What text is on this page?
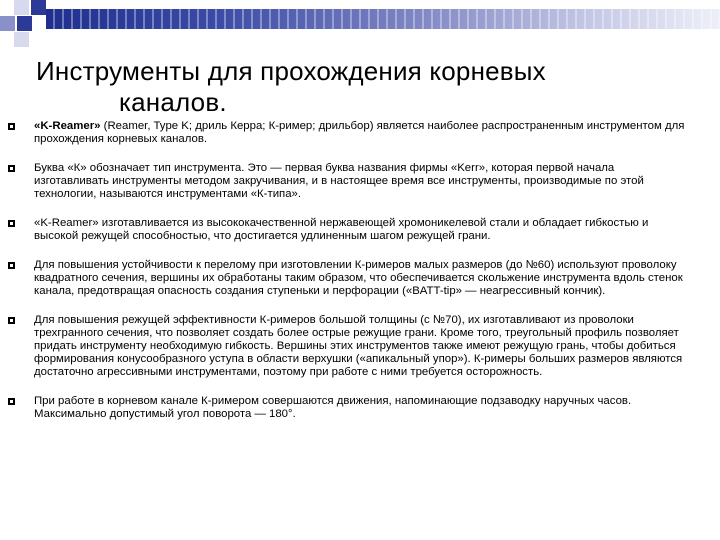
Инструменты для прохождения корневых
каналов.
«K-Reamer» (Reamer, Type K; дриль Керра; К-ример; дрильбор) является наиболее распространенным инструментом для прохождения корневых каналов.
Буква «К» обозначает тип инструмента. Это — первая буква названия фирмы «Kerr», которая первой начала изготавливать инструменты методом закручивания, и в настоящее время все инструменты, производимые по этой технологии, называются инструментами «К-типа».
«K-Reamer» изготавливается из высококачественной нержавеющей хромоникелевой стали и обладает гибкостью и высокой режущей способностью, что достигается удлиненным шагом режущей грани.
Для повышения устойчивости к перелому при изготовлении К-римеров малых размеров (до №60) используют проволоку квадратного сечения, вершины их обработаны таким образом, что обеспечивается скольжение инструмента вдоль стенок канала, предотвращая опасность создания ступеньки и перфорации («BATT-tip» — неагрессивный кончик).
Для повышения режущей эффективности К-римеров большой толщины (с №70), их изготавливают из проволоки трехгранного сечения, что позволяет создать более острые режущие грани. Кроме того, треугольный профиль позволяет придать инструменту необходимую гибкость. Вершины этих инструментов также имеют режущую грань, чтобы добиться формирования конусообразного уступа в области верхушки («апикальный упор»). К-римеры больших размеров являются достаточно агрессивными инструментами, поэтому при работе с ними требуется осторожность.
При работе в корневом канале К-римером совершаются движения, напоминающие подзаводку наручных часов. Максимально допустимый угол поворота — 180°.
